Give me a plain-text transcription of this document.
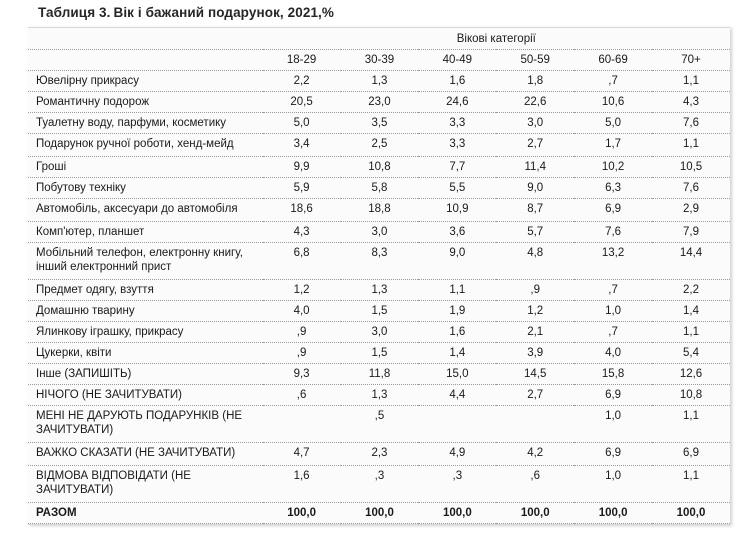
Таблиця 3. Вік і бажаний подарунок, 2021,%
	Вікові категорії					
	18-29	30-39	40-49	50-59	60-69	70+
Ювелірну прикрасу	2,2	1,3	1,6	1,8	,7	1,1
Романтичну подорож	20,5	23,0	24,6	22,6	10,6	4,3
Туалетну воду, парфуми, косметику	5,0	3,5	3,3	3,0	5,0	7,6
Подарунок ручної роботи, хенд-мейд	3,4	2,5	3,3	2,7	1,7	1,1
Гроші	9,9	10,8	7,7	11,4	10,2	10,5
Побутову техніку	5,9	5,8	5,5	9,0	6,3	7,6
Автомобіль, аксесуари до автомобіля	18,6	18,8	10,9	8,7	6,9	2,9
Комп'ютер, планшет	4,3	3,0	3,6	5,7	7,6	7,9
Мобільний телефон, електронну книгу, інший електронний прист	6,8	8,3	9,0	4,8	13,2	14,4
Предмет одягу, взуття	1,2	1,3	1,1	,9	,7	2,2
Домашню тварину	4,0	1,5	1,9	1,2	1,0	1,4
Ялинкову іграшку, прикрасу	,9	3,0	1,6	2,1	,7	1,1
Цукерки, квіти	,9	1,5	1,4	3,9	4,0	5,4
Інше (ЗАПИШІТЬ)	9,3	11,8	15,0	14,5	15,8	12,6
НІЧОГО (НЕ ЗАЧИТУВАТИ)	,6	1,3	4,4	2,7	6,9	10,8
МЕНІ НЕ ДАРУЮТЬ ПОДАРУНКІВ (НЕ ЗАЧИТУВАТИ)		,5			1,0	1,1
ВАЖКО СКАЗАТИ (НЕ ЗАЧИТУВАТИ)	4,7	2,3	4,9	4,2	6,9	6,9
ВІДМОВА ВІДПОВІДАТИ (НЕ ЗАЧИТУВАТИ)	1,6	,3	,3	,6	1,0	1,1
РАЗОМ	100,0	100,0	100,0	100,0	100,0	100,0
